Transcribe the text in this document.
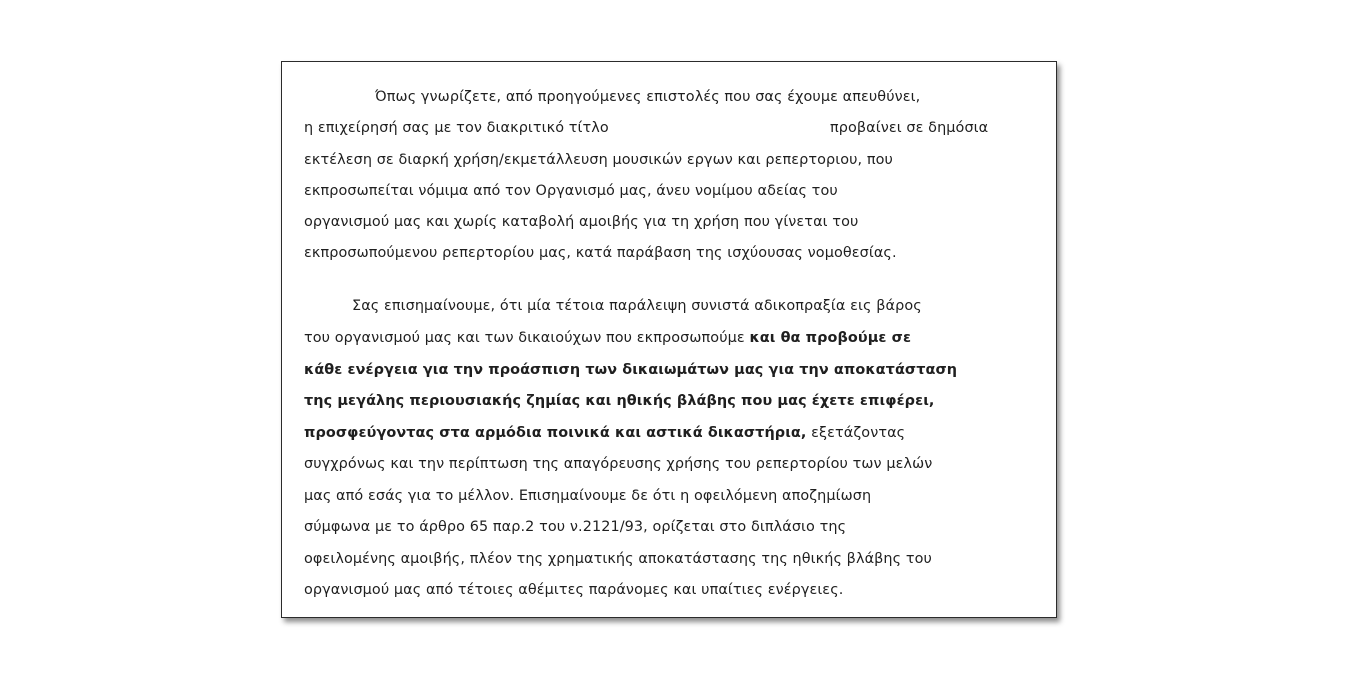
Όπως γνωρίζετε, από προηγούμενες επιστολές που σας έχουμε απευθύνει,
η επιχείρησή σας με τον διακριτικό τίτλο	προβαίνει σε δημόσια
εκτέλεση σε διαρκή χρήση/εκμετάλλευση μουσικών εργων και ρεπερτοριου, που
εκπροσωπείται νόμιμα από τον Οργανισμό μας, άνευ νομίμου αδείας του
οργανισμού μας και χωρίς καταβολή αμοιβής για τη χρήση που γίνεται του
εκπροσωπούμενου ρεπερτορίου μας, κατά παράβαση της ισχύουσας νομοθεσίας.
Σας επισημαίνουμε, ότι μία τέτοια παράλειψη συνιστά αδικοπραξία εις βάρος
του οργανισμού μας και των δικαιούχων που εκπροσωπούμε και θα προβούμε σε
κάθε ενέργεια για την προάσπιση των δικαιωμάτων μας για την αποκατάσταση
της μεγάλης περιουσιακής ζημίας και ηθικής βλάβης που μας έχετε επιφέρει,
προσφεύγοντας στα αρμόδια ποινικά και αστικά δικαστήρια, εξετάζοντας
συγχρόνως και την περίπτωση της απαγόρευσης χρήσης του ρεπερτορίου των μελών
μας από εσάς για το μέλλον. Επισημαίνουμε δε ότι η οφειλόμενη αποζημίωση
σύμφωνα με το άρθρο 65 παρ.2 του ν.2121/93, ορίζεται στο διπλάσιο της
οφειλομένης αμοιβής, πλέον της χρηματικής αποκατάστασης της ηθικής βλάβης του
οργανισμού μας από τέτοιες αθέμιτες παράνομες και υπαίτιες ενέργειες.
